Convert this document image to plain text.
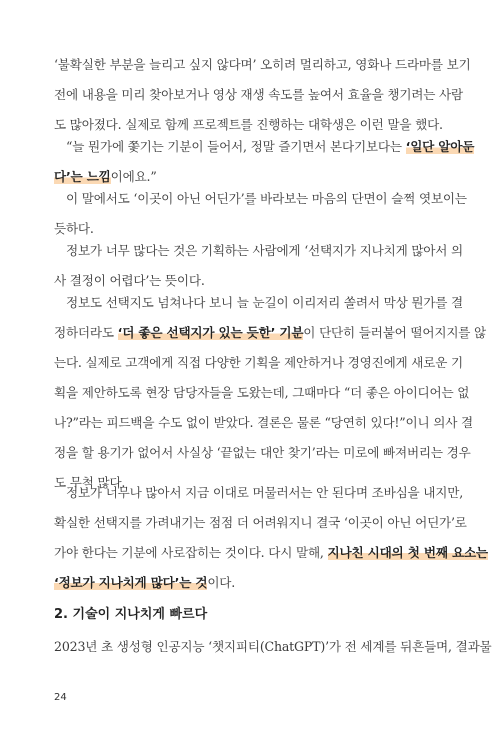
‘불확실한 부분을 늘리고 싶지 않다며’ 오히려 멀리하고, 영화나 드라마를 보기
전에 내용을 미리 찾아보거나 영상 재생 속도를 높여서 효율을 챙기려는 사람
도 많아졌다. 실제로 함께 프로젝트를 진행하는 대학생은 이런 말을 했다.
“늘 뭔가에 쫓기는 기분이 들어서, 정말 즐기면서 본다기보다는 ‘일단 알아둔
다’는 느낌이에요.”
이 말에서도 ‘이곳이 아닌 어딘가’를 바라보는 마음의 단면이 슬쩍 엿보이는
듯하다.
정보가 너무 많다는 것은 기획하는 사람에게 ‘선택지가 지나치게 많아서 의
사 결정이 어렵다’는 뜻이다.
정보도 선택지도 넘쳐나다 보니 늘 눈길이 이리저리 쏠려서 막상 뭔가를 결
정하더라도 ‘더 좋은 선택지가 있는 듯한’ 기분이 단단히 들러붙어 떨어지지를 않
는다. 실제로 고객에게 직접 다양한 기획을 제안하거나 경영진에게 새로운 기
획을 제안하도록 현장 담당자들을 도왔는데, 그때마다 “더 좋은 아이디어는 없
나?”라는 피드백을 수도 없이 받았다. 결론은 물론 “당연히 있다!”이니 의사 결
정을 할 용기가 없어서 사실상 ‘끝없는 대안 찾기’라는 미로에 빠져버리는 경우
도 무척 많다.
정보가 너무나 많아서 지금 이대로 머물러서는 안 된다며 조바심을 내지만,
확실한 선택지를 가려내기는 점점 더 어려워지니 결국 ‘이곳이 아닌 어딘가’로
가야 한다는 기분에 사로잡히는 것이다. 다시 말해, 지나친 시대의 첫 번째 요소는
‘정보가 지나치게 많다’는 것이다.
2023년 초 생성형 인공지능 ‘챗지피티(ChatGPT)’가 전 세계를 뒤흔들며, 결과물
2. 기술이 지나치게 빠르다
24
